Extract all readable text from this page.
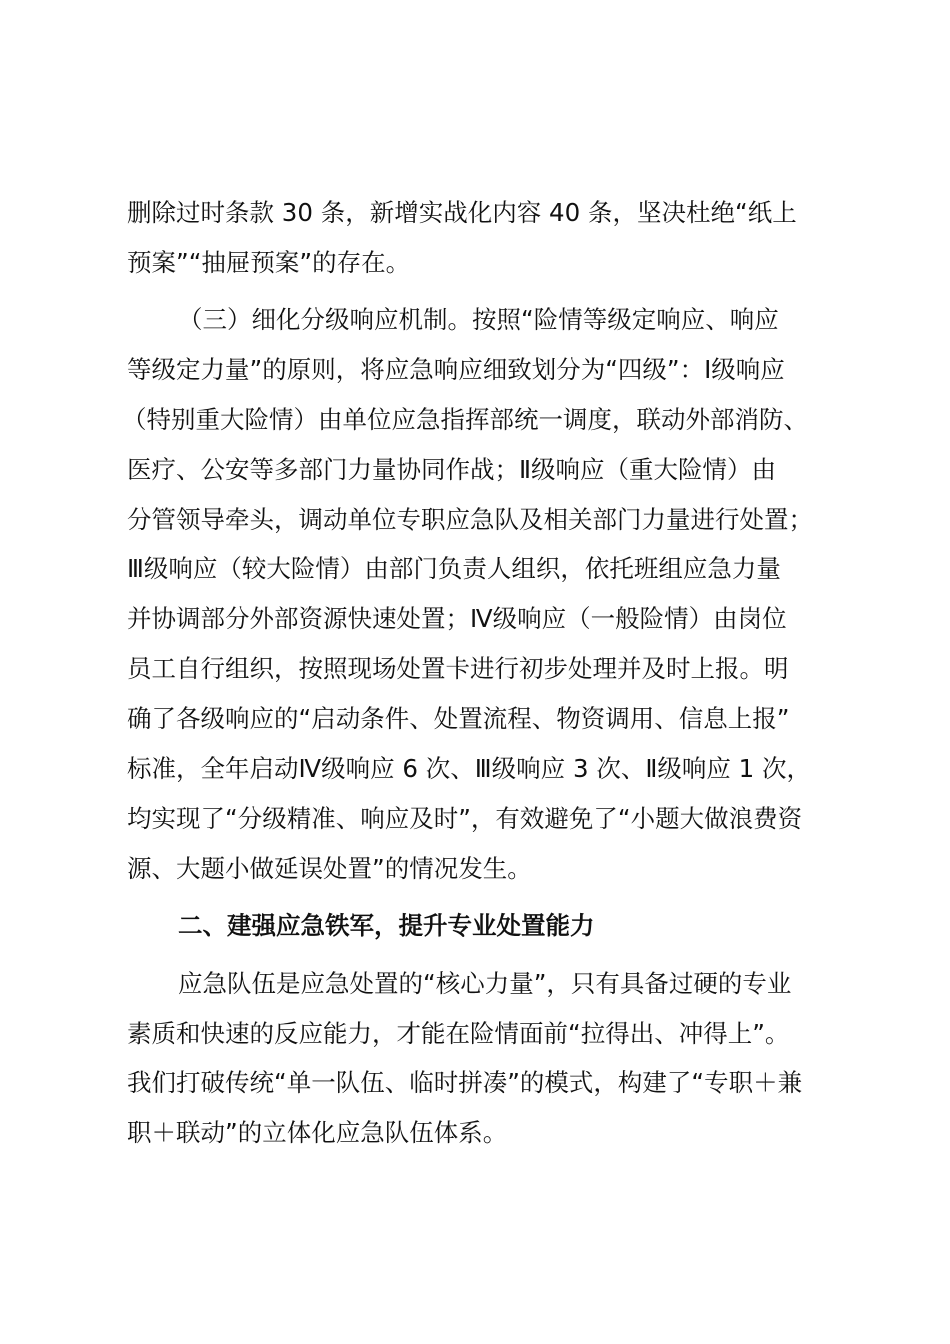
删除过时条款 30 条，新增实战化内容 40 条，坚决杜绝“纸上
预案”“抽屉预案”的存在。
（三）细化分级响应机制。按照“险情等级定响应、响应
等级定力量”的原则，将应急响应细致划分为“四级”：Ⅰ级响应
（特别重大险情）由单位应急指挥部统一调度，联动外部消防、
医疗、公安等多部门力量协同作战；Ⅱ级响应（重大险情）由
分管领导牵头，调动单位专职应急队及相关部门力量进行处置；
Ⅲ级响应（较大险情）由部门负责人组织，依托班组应急力量
并协调部分外部资源快速处置；Ⅳ级响应（一般险情）由岗位
员工自行组织，按照现场处置卡进行初步处理并及时上报。明
确了各级响应的“启动条件、处置流程、物资调用、信息上报”
标准，全年启动Ⅳ级响应 6 次、Ⅲ级响应 3 次、Ⅱ级响应 1 次，
均实现了“分级精准、响应及时”，有效避免了“小题大做浪费资
源、大题小做延误处置”的情况发生。
二、建强应急铁军，提升专业处置能力
应急队伍是应急处置的“核心力量”，只有具备过硬的专业
素质和快速的反应能力，才能在险情面前“拉得出、冲得上”。
我们打破传统“单一队伍、临时拼凑”的模式，构建了“专职＋兼
职＋联动”的立体化应急队伍体系。
